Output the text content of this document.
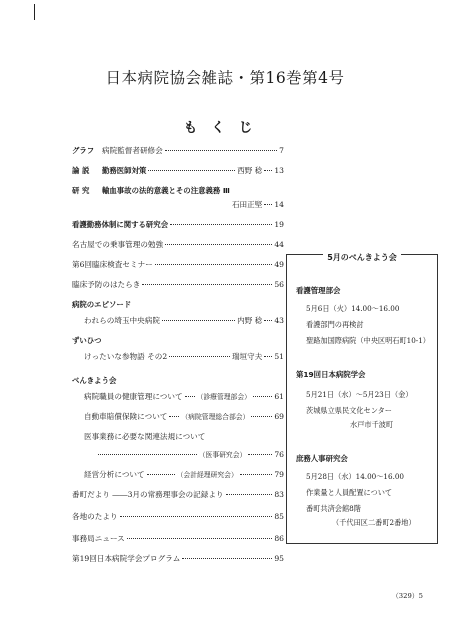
日本病院協会雑誌・第16巻第4号
もくじ
グラフ	病院監督者研修会	7
論 説	勤務医師対策	西野 稔 13
研 究	輸血事故の法的意義とその注意義務 Ⅲ
石田正堅 14
看護勤務体制に関する研究会	19
名古屋での乗事管理の勉強	44
第6回臨床検査セミナー	49
臨床予防のはたらき	56
病院のエピソード
われらの埼玉中央病院	内野 稔 43
ずいひつ
けったいな参物語 その2	瑞垣守夫 51
べんきよう会
病院職員の健康管理について （診療管理部会）	61
自動車賠償保険について （病院管理総合部会）	69
医事業務に必要な関連法規について
（医事研究会）	76
経営分析について	（会計経理研究会）	79
番町だより ――3月の常務理事会の記録より	83
各地のたより	85
事務局ニュース	86
第19回日本病院学会プログラム	95
5月のべんきよう会
看護管理部会
5月6日（火）14.00～16.00
看護部門の再検討
聖路加国際病院（中央区明石町10-1）
第19回日本病院学会
5月21日（水）～5月23日（金）
茨城県立県民文化センター
水戸市千波町
庶務人事研究会
5月28日（水）14.00～16.00
作業量と人員配置について
番町共済会館8階
（千代田区二番町2番地）
（329）5
